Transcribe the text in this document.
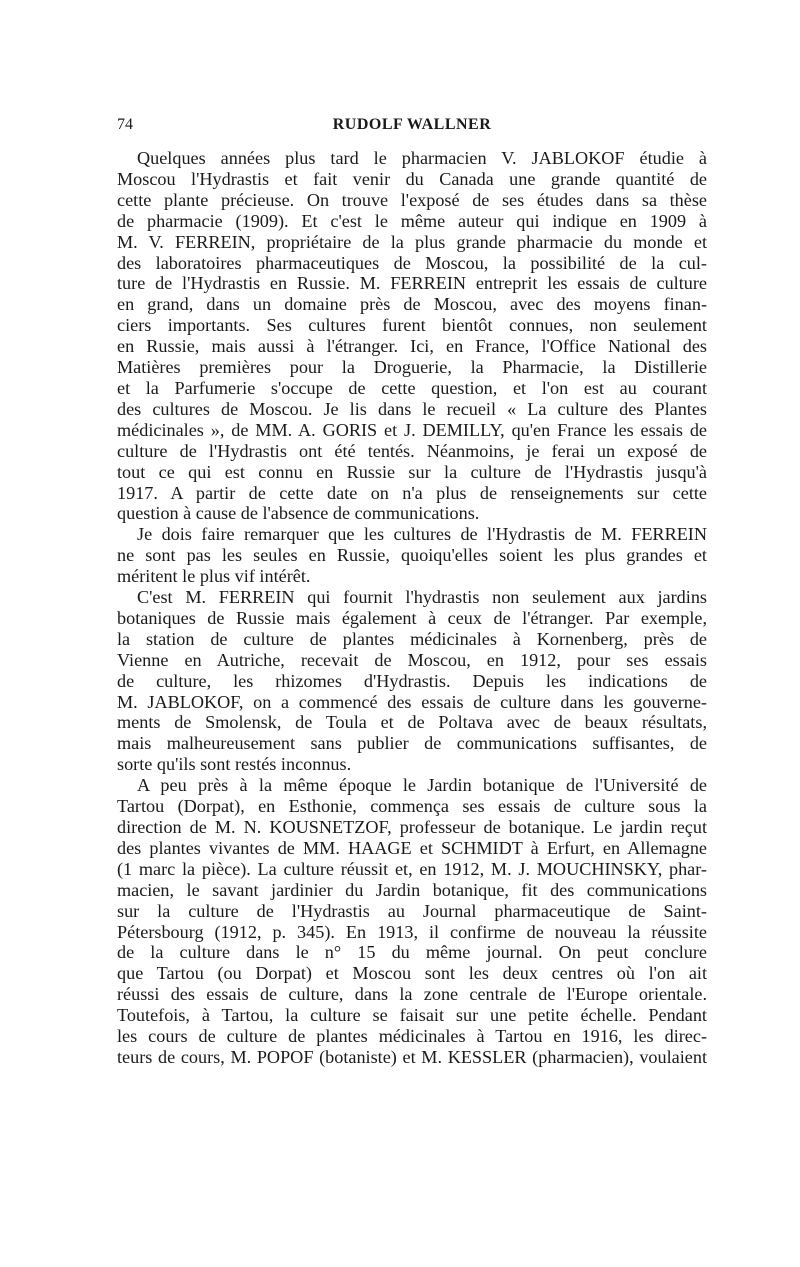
74	RUDOLF WALLNER
Quelques années plus tard le pharmacien V. JABLOKOF étudie à
Moscou l'Hydrastis et fait venir du Canada une grande quantité de
cette plante précieuse. On trouve l'exposé de ses études dans sa thèse
de pharmacie (1909). Et c'est le même auteur qui indique en 1909 à
M. V. FERREIN, propriétaire de la plus grande pharmacie du monde et
des laboratoires pharmaceutiques de Moscou, la possibilité de la cul-
ture de l'Hydrastis en Russie. M. FERREIN entreprit les essais de culture
en grand, dans un domaine près de Moscou, avec des moyens finan-
ciers importants. Ses cultures furent bientôt connues, non seulement
en Russie, mais aussi à l'étranger. Ici, en France, l'Office National des
Matières premières pour la Droguerie, la Pharmacie, la Distillerie
et la Parfumerie s'occupe de cette question, et l'on est au courant
des cultures de Moscou. Je lis dans le recueil « La culture des Plantes
médicinales », de MM. A. GORIS et J. DEMILLY, qu'en France les essais de
culture de l'Hydrastis ont été tentés. Néanmoins, je ferai un exposé de
tout ce qui est connu en Russie sur la culture de l'Hydrastis jusqu'à
1917. A partir de cette date on n'a plus de renseignements sur cette
question à cause de l'absence de communications.
Je dois faire remarquer que les cultures de l'Hydrastis de M. FERREIN
ne sont pas les seules en Russie, quoiqu'elles soient les plus grandes et
méritent le plus vif intérêt.
C'est M. FERREIN qui fournit l'hydrastis non seulement aux jardins
botaniques de Russie mais également à ceux de l'étranger. Par exemple,
la station de culture de plantes médicinales à Kornenberg, près de
Vienne en Autriche, recevait de Moscou, en 1912, pour ses essais
de culture, les rhizomes d'Hydrastis. Depuis les indications de
M. JABLOKOF, on a commencé des essais de culture dans les gouverne-
ments de Smolensk, de Toula et de Poltava avec de beaux résultats,
mais malheureusement sans publier de communications suffisantes, de
sorte qu'ils sont restés inconnus.
A peu près à la même époque le Jardin botanique de l'Université de
Tartou (Dorpat), en Esthonie, commença ses essais de culture sous la
direction de M. N. KOUSNETZOF, professeur de botanique. Le jardin reçut
des plantes vivantes de MM. HAAGE et SCHMIDT à Erfurt, en Allemagne
(1 marc la pièce). La culture réussit et, en 1912, M. J. MOUCHINSKY, phar-
macien, le savant jardinier du Jardin botanique, fit des communications
sur la culture de l'Hydrastis au Journal pharmaceutique de Saint-
Pétersbourg (1912, p. 345). En 1913, il confirme de nouveau la réussite
de la culture dans le n° 15 du même journal. On peut conclure
que Tartou (ou Dorpat) et Moscou sont les deux centres où l'on ait
réussi des essais de culture, dans la zone centrale de l'Europe orientale.
Toutefois, à Tartou, la culture se faisait sur une petite échelle. Pendant
les cours de culture de plantes médicinales à Tartou en 1916, les direc-
teurs de cours, M. POPOF (botaniste) et M. KESSLER (pharmacien), voulaient
